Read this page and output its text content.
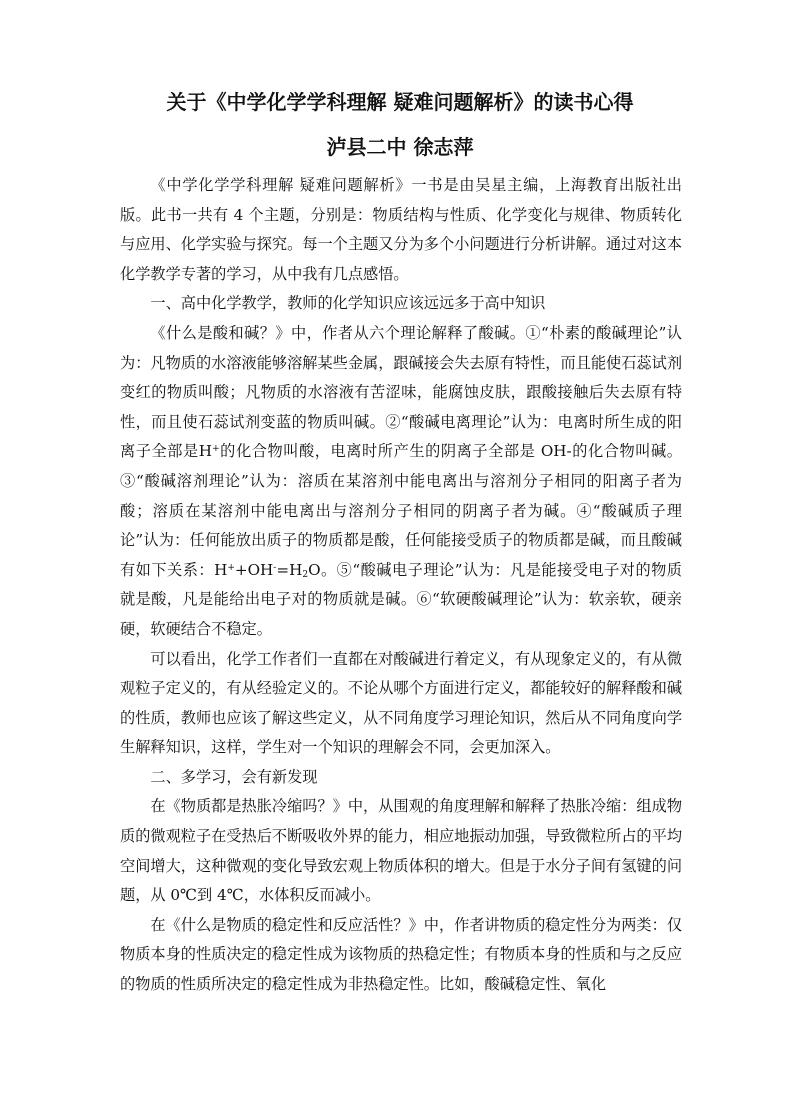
关于《中学化学学科理解 疑难问题解析》的读书心得
泸县二中 徐志萍

《中学化学学科理解 疑难问题解析》一书是由吴星主编，上海教育出版社出版。此书一共有 4 个主题，分别是：物质结构与性质、化学变化与规律、物质转化与应用、化学实验与探究。每一个主题又分为多个小问题进行分析讲解。通过对这本化学教学专著的学习，从中我有几点感悟。

一、高中化学教学，教师的化学知识应该远远多于高中知识

《什么是酸和碱？》中，作者从六个理论解释了酸碱。①“朴素的酸碱理论”认为：凡物质的水溶液能够溶解某些金属，跟碱接会失去原有特性，而且能使石蕊试剂变红的物质叫酸；凡物质的水溶液有苦涩味，能腐蚀皮肤，跟酸接触后失去原有特性，而且使石蕊试剂变蓝的物质叫碱。②“酸碱电离理论”认为：电离时所生成的阳离子全部是H+的化合物叫酸，电离时所产生的阴离子全部是 OH-的化合物叫碱。③“酸碱溶剂理论”认为：溶质在某溶剂中能电离出与溶剂分子相同的阳离子者为酸；溶质在某溶剂中能电离出与溶剂分子相同的阴离子者为碱。④“酸碱质子理论”认为：任何能放出质子的物质都是酸，任何能接受质子的物质都是碱，而且酸碱有如下关系：$H^++OH^-=H_2O$。⑤“酸碱电子理论”认为：凡是能接受电子对的物质就是酸，凡是能给出电子对的物质就是碱。⑥“软硬酸碱理论”认为：软亲软，硬亲硬，软硬结合不稳定。

可以看出，化学工作者们一直都在对酸碱进行着定义，有从现象定义的，有从微观粒子定义的，有从经验定义的。不论从哪个方面进行定义，都能较好的解释酸和碱的性质，教师也应该了解这些定义，从不同角度学习理论知识，然后从不同角度向学生解释知识，这样，学生对一个知识的理解会不同，会更加深入。

二、多学习，会有新发现

在《物质都是热胀冷缩吗？》中，从围观的角度理解和解释了热胀冷缩：组成物质的微观粒子在受热后不断吸收外界的能力，相应地振动加强，导致微粒所占的平均空间增大，这种微观的变化导致宏观上物质体积的增大。但是于水分子间有氢键的问题，从 0℃到 4℃，水体积反而减小。

在《什么是物质的稳定性和反应活性？》中，作者讲物质的稳定性分为两类：仅物质本身的性质决定的稳定性成为该物质的热稳定性；有物质本身的性质和与之反应的物质的性质所决定的稳定性成为非热稳定性。比如，酸碱稳定性、氧化
